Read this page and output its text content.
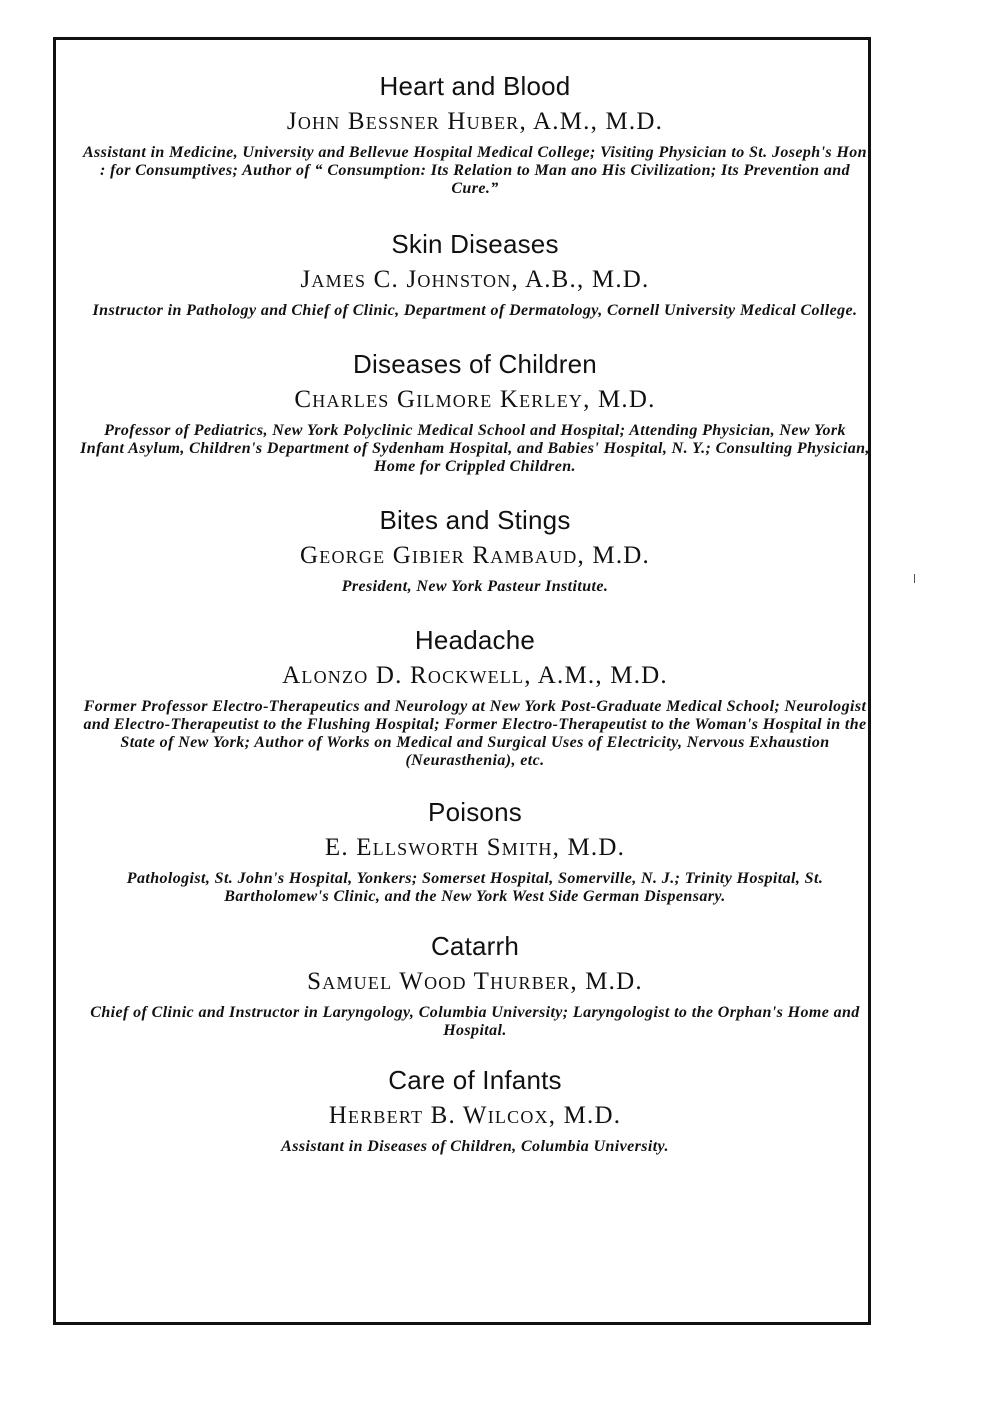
Heart and Blood
John Bessner Huber, A.M., M.D.
Assistant in Medicine, University and Bellevue Hospital Medical College; Visiting Physician to St. Joseph's Hon : for Consumptives; Author of “ Consumption: Its Relation to Man ano His Civilization; Its Prevention and Cure.”
Skin Diseases
James C. Johnston, A.B., M.D.
Instructor in Pathology and Chief of Clinic, Department of Dermatology, Cornell University Medical College.
Diseases of Children
Charles Gilmore Kerley, M.D.
Professor of Pediatrics, New York Polyclinic Medical School and Hospital; Attending Physician, New York Infant Asylum, Children's Department of Sydenham Hospital, and Babies' Hospital, N. Y.; Consulting Physician, Home for Crippled Children.
Bites and Stings
George Gibier Rambaud, M.D.
President, New York Pasteur Institute.
Headache
Alonzo D. Rockwell, A.M., M.D.
Former Professor Electro-Therapeutics and Neurology at New York Post-Graduate Medical School; Neurologist and Electro-Therapeutist to the Flushing Hospital; Former Electro-Therapeutist to the Woman's Hospital in the State of New York; Author of Works on Medical and Surgical Uses of Electricity, Nervous Exhaustion (Neurasthenia), etc.
Poisons
E. Ellsworth Smith, M.D.
Pathologist, St. John's Hospital, Yonkers; Somerset Hospital, Somerville, N. J.; Trinity Hospital, St. Bartholomew's Clinic, and the New York West Side German Dispensary.
Catarrh
Samuel Wood Thurber, M.D.
Chief of Clinic and Instructor in Laryngology, Columbia University; Laryngologist to the Orphan's Home and Hospital.
Care of Infants
Herbert B. Wilcox, M.D.
Assistant in Diseases of Children, Columbia University.
